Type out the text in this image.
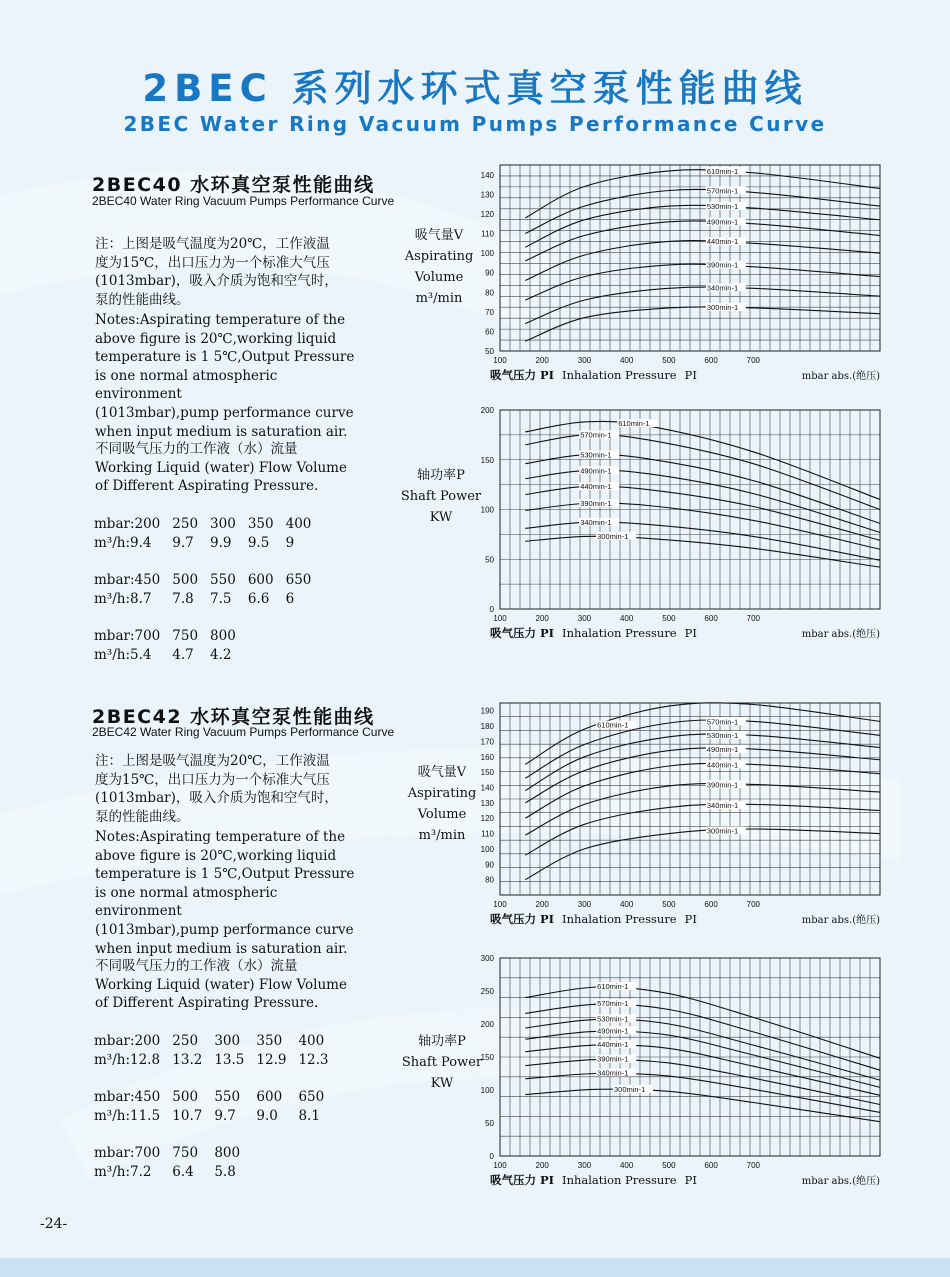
2BEC 系列水环式真空泵性能曲线
2BEC Water Ring Vacuum Pumps Performance Curve
2BEC40 水环真空泵性能曲线
2BEC40 Water Ring Vacuum Pumps Performance Curve
注：上图是吸气温度为20℃，工作液温
度为15℃，出口压力为一个标准大气压
(1013mbar)，吸入介质为饱和空气时，
泵的性能曲线。
Notes:Aspirating temperature of the
above figure is 20℃,working liquid
temperature is 1 5℃,Output Pressure
is one normal atmospheric environment
(1013mbar),pump performance curve
when input medium is saturation air.
不同吸气压力的工作液（水）流量
Working Liquid (water) Flow Volume
of Different Aspirating Pressure.
mbar:200	250	300	350	400
m³/h:9.4	9.7	9.9	9.5	9

mbar:450	500	550	600	650
m³/h:8.7	7.8	7.5	6.6	6

mbar:700	750	800		
m³/h:5.4	4.7	4.2		
2BEC42 水环真空泵性能曲线
2BEC42 Water Ring Vacuum Pumps Performance Curve
注：上图是吸气温度为20℃，工作液温
度为15℃，出口压力为一个标准大气压
(1013mbar)，吸入介质为饱和空气时，
泵的性能曲线。
Notes:Aspirating temperature of the
above figure is 20℃,working liquid
temperature is 1 5℃,Output Pressure
is one normal atmospheric environment
(1013mbar),pump performance curve
when input medium is saturation air.
不同吸气压力的工作液（水）流量
Working Liquid (water) Flow Volume
of Different Aspirating Pressure.
mbar:200	250	300	350	400
m³/h:12.8	13.2	13.5	12.9	12.3

mbar:450	500	550	600	650
m³/h:11.5	10.7	9.7	9.0	8.1

mbar:700	750	800		
m³/h:7.2	6.4	5.8		
吸气量V
Aspirating
Volume
m³/min
轴功率P
Shaft Power
KW
吸气量V
Aspirating
Volume
m³/min
轴功率P
Shaft Power
KW
50
60
70
80
90
100
110
120
130
140
100	200	300	400	500	600	700
吸气压力 PI Inhalation Pressure PI	mbar abs.(绝压)
610min-1
570min-1
530min-1
490min-1
440min-1
390min-1
340min-1
300min-1
0
50
100
150
200
100	200	300	400	500	600	700
吸气压力 PI Inhalation Pressure PI	mbar abs.(绝压)
610min-1
570min-1
530min-1
490min-1
440min-1
390min-1
340min-1
300min-1
80
90
100
110
120
130
140
150
160
170
180
190
100	200	300	400	500	600	700
吸气压力 PI Inhalation Pressure PI	mbar abs.(绝压)
610min-1	570min-1
530min-1
490min-1
440min-1
390min-1
340min-1
300min-1
0
50
100
150
200
250
300
100	200	300	400	500	600	700
吸气压力 PI Inhalation Pressure PI	mbar abs.(绝压)
610min-1
570min-1
530min-1
490min-1
440min-1
390min-1
340min-1
300min-1
-24-
